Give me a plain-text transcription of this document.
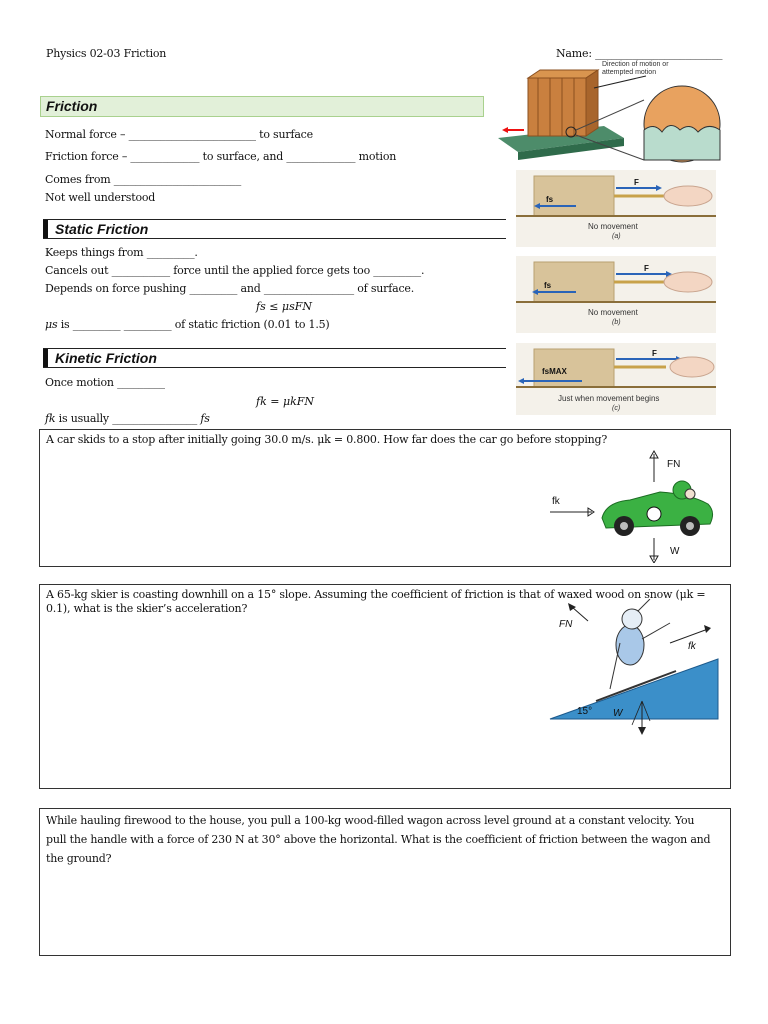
Physics 02-03 Friction	Name: ________________________
Friction
Normal force – ________________________ to surface
Friction force – _____________ to surface, and _____________ motion
Comes from ________________________
Not well understood
Static Friction
Keeps things from _________.
Cancels out ___________ force until the applied force gets too _________.
Depends on force pushing _________ and _________________ of surface.
fs ≤ μsFN
μs is _________ _________ of static friction (0.01 to 1.5)
Kinetic Friction
Once motion _________
fk = μkFN
fk is usually ________________ fs
Direction of motion or attempted motion
F
fs
No movement
(a)
F
fs
No movement
(b)
F
fsMAX
Just when movement begins
(c)
A car skids to a stop after initially going 30.0 m/s. μk = 0.800. How far does the car go before stopping?
FN
fk
W
A 65-kg skier is coasting downhill on a 15° slope. Assuming the coefficient of friction is that of waxed wood on snow (μk = 0.1), what is the skier’s acceleration?
FN
fk
15° W
While hauling firewood to the house, you pull a 100-kg wood-filled wagon across level ground at a constant velocity. You pull the handle with a force of 230 N at 30° above the horizontal. What is the coefficient of friction between the wagon and the ground?
